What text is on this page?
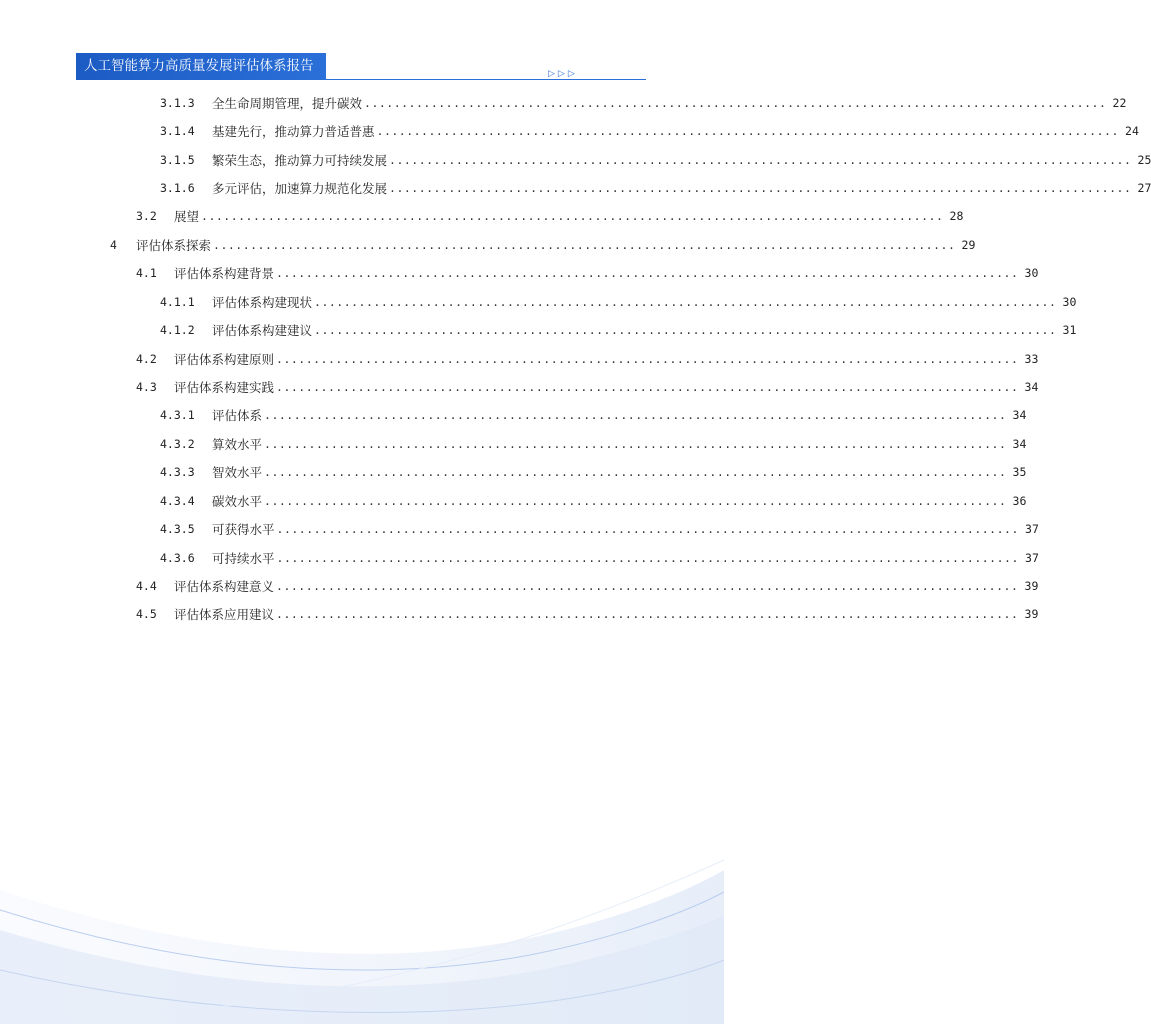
人工智能算力高质量发展评估体系报告	▷▷▷
3.1.3	全生命周期管理，提升碳效 .................................................................................................... 22
3.1.4	基建先行，推动算力普适普惠 .................................................................................................... 24
3.1.5	繁荣生态，推动算力可持续发展 .................................................................................................... 25
3.1.6	多元评估，加速算力规范化发展 .................................................................................................... 27
3.2	展望 .................................................................................................... 28
4	评估体系探索 .................................................................................................... 29
4.1	评估体系构建背景 .................................................................................................... 30
4.1.1	评估体系构建现状 .................................................................................................... 30
4.1.2	评估体系构建建议 .................................................................................................... 31
4.2	评估体系构建原则 .................................................................................................... 33
4.3	评估体系构建实践 .................................................................................................... 34
4.3.1	评估体系 .................................................................................................... 34
4.3.2	算效水平 .................................................................................................... 34
4.3.3	智效水平 .................................................................................................... 35
4.3.4	碳效水平 .................................................................................................... 36
4.3.5	可获得水平 .................................................................................................... 37
4.3.6	可持续水平 .................................................................................................... 37
4.4	评估体系构建意义 .................................................................................................... 39
4.5	评估体系应用建议 .................................................................................................... 39
